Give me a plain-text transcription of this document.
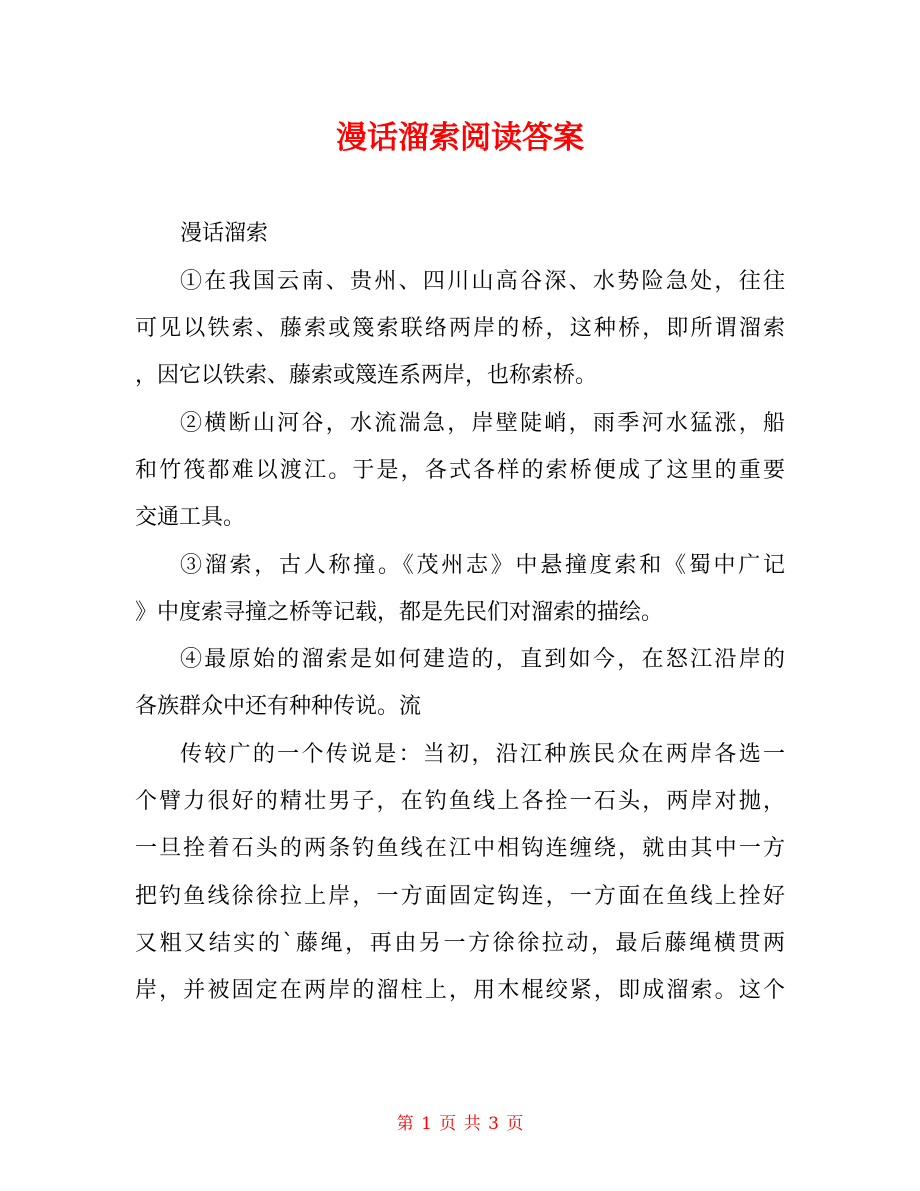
漫话溜索阅读答案
漫话溜索
①在我国云南、贵州、四川山高谷深、水势险急处，往往
可见以铁索、藤索或篾索联络两岸的桥，这种桥，即所谓溜索
，因它以铁索、藤索或篾连系两岸，也称索桥。
②横断山河谷，水流湍急，岸壁陡峭，雨季河水猛涨，船
和竹筏都难以渡江。于是，各式各样的索桥便成了这里的重要
交通工具。
③溜索，古人称撞。《茂州志》中悬撞度索和《蜀中广记
》中度索寻撞之桥等记载，都是先民们对溜索的描绘。
④最原始的溜索是如何建造的，直到如今，在怒江沿岸的
各族群众中还有种种传说。流
传较广的一个传说是：当初，沿江种族民众在两岸各选一
个臂力很好的精壮男子，在钓鱼线上各拴一石头，两岸对抛，
一旦拴着石头的两条钓鱼线在江中相钩连缠绕，就由其中一方
把钓鱼线徐徐拉上岸，一方面固定钩连，一方面在鱼线上拴好
又粗又结实的`藤绳，再由另一方徐徐拉动，最后藤绳横贯两
岸，并被固定在两岸的溜柱上，用木棍绞紧，即成溜索。这个
第 1 页 共 3 页
